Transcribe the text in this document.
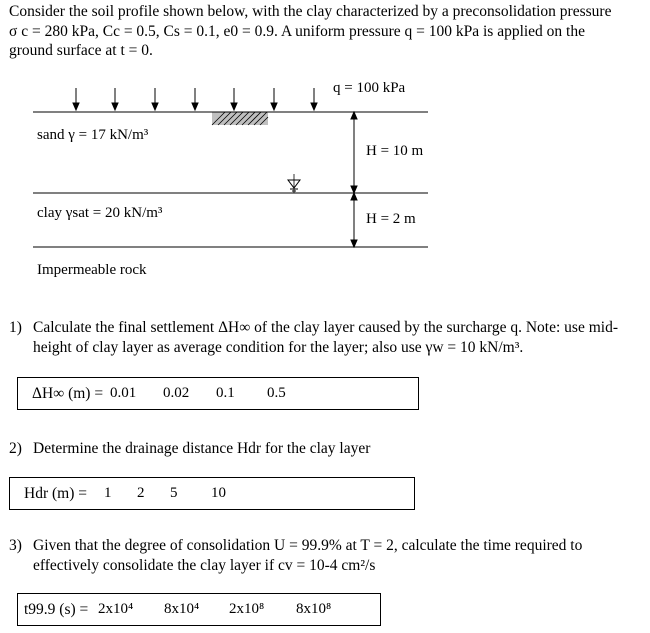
Consider the soil profile shown below, with the clay characterized by a preconsolidation pressure

σ c = 280 kPa, Cc = 0.5, Cs = 0.1, e0 = 0.9. A uniform pressure q = 100 kPa is applied on the

ground surface at t = 0.

q = 100 kPa
sand γ = 17 kN/m³
H = 10 m
clay γsat = 20 kN/m³	H = 2 m
Impermeable rock
1) Calculate the final settlement ΔH∞ of the clay layer caused by the surcharge q. Note: use mid-
height of clay layer as average condition for the layer; also use γw = 10 kN/m³.
ΔH∞ (m) = 0.01 0.02 0.1 0.5
2) Determine the drainage distance Hdr for the clay layer
Hdr (m) = 1 2 5 10
3) Given that the degree of consolidation U = 99.9% at T = 2, calculate the time required to
effectively consolidate the clay layer if cv = 10-4 cm²/s
t99.9 (s) = 2x10⁴ 8x10⁴ 2x10⁸ 8x10⁸
